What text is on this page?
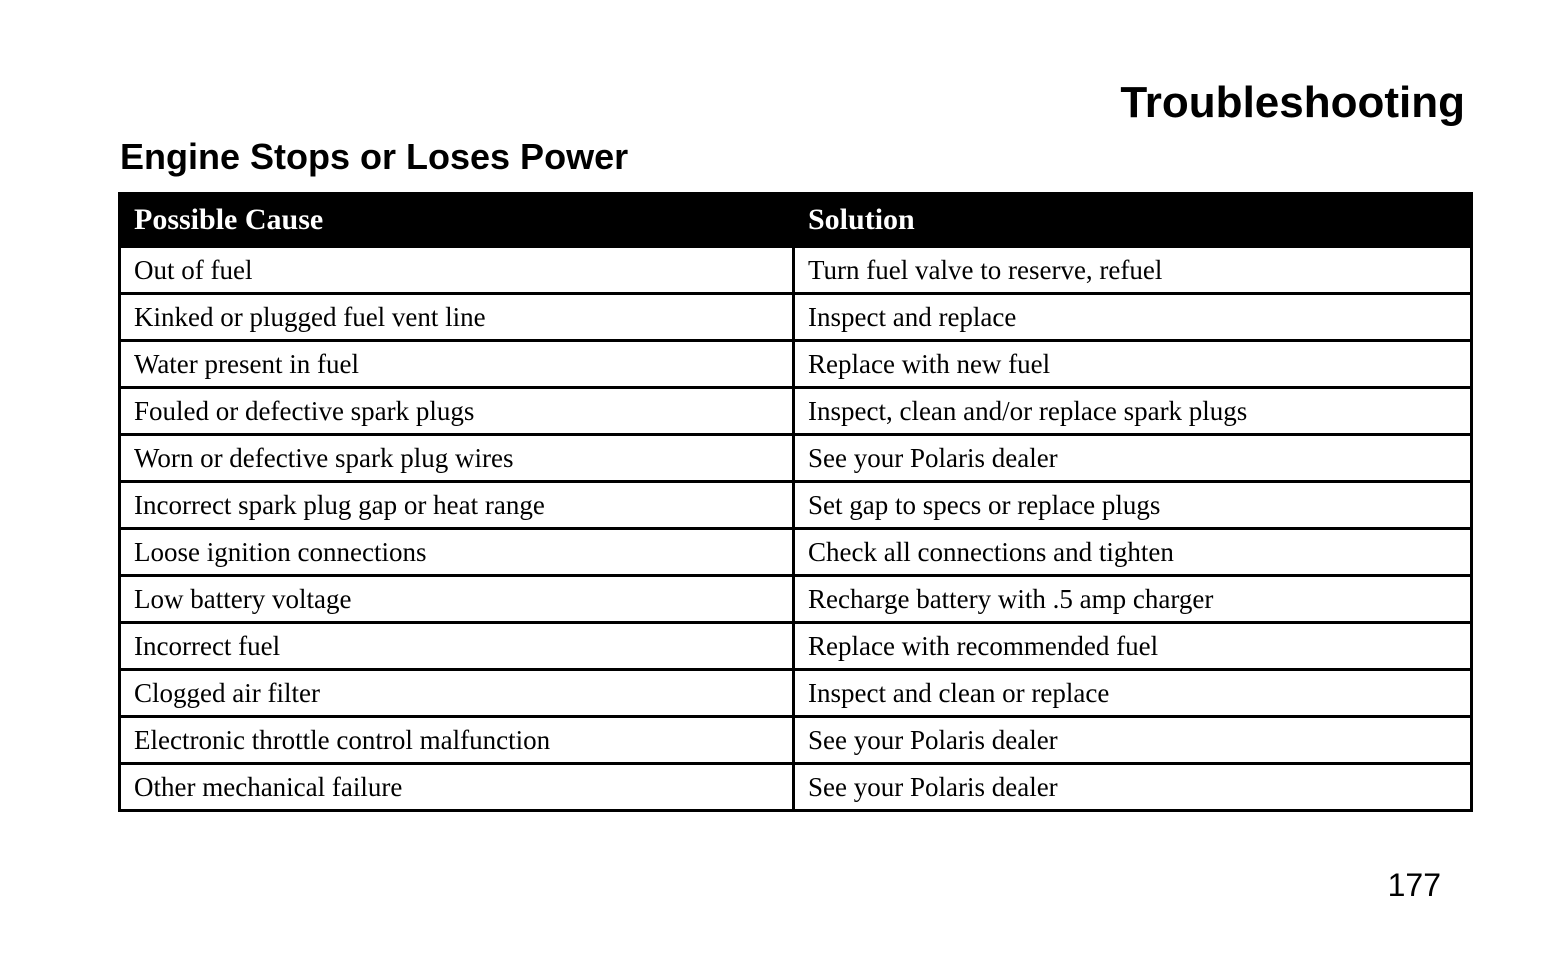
Troubleshooting
Engine Stops or Loses Power
Possible Cause	Solution
Out of fuel	Turn fuel valve to reserve, refuel
Kinked or plugged fuel vent line	Inspect and replace
Water present in fuel	Replace with new fuel
Fouled or defective spark plugs	Inspect, clean and/or replace spark plugs
Worn or defective spark plug wires	See your Polaris dealer
Incorrect spark plug gap or heat range	Set gap to specs or replace plugs
Loose ignition connections	Check all connections and tighten
Low battery voltage	Recharge battery with .5 amp charger
Incorrect fuel	Replace with recommended fuel
Clogged air filter	Inspect and clean or replace
Electronic throttle control malfunction	See your Polaris dealer
Other mechanical failure	See your Polaris dealer
177
